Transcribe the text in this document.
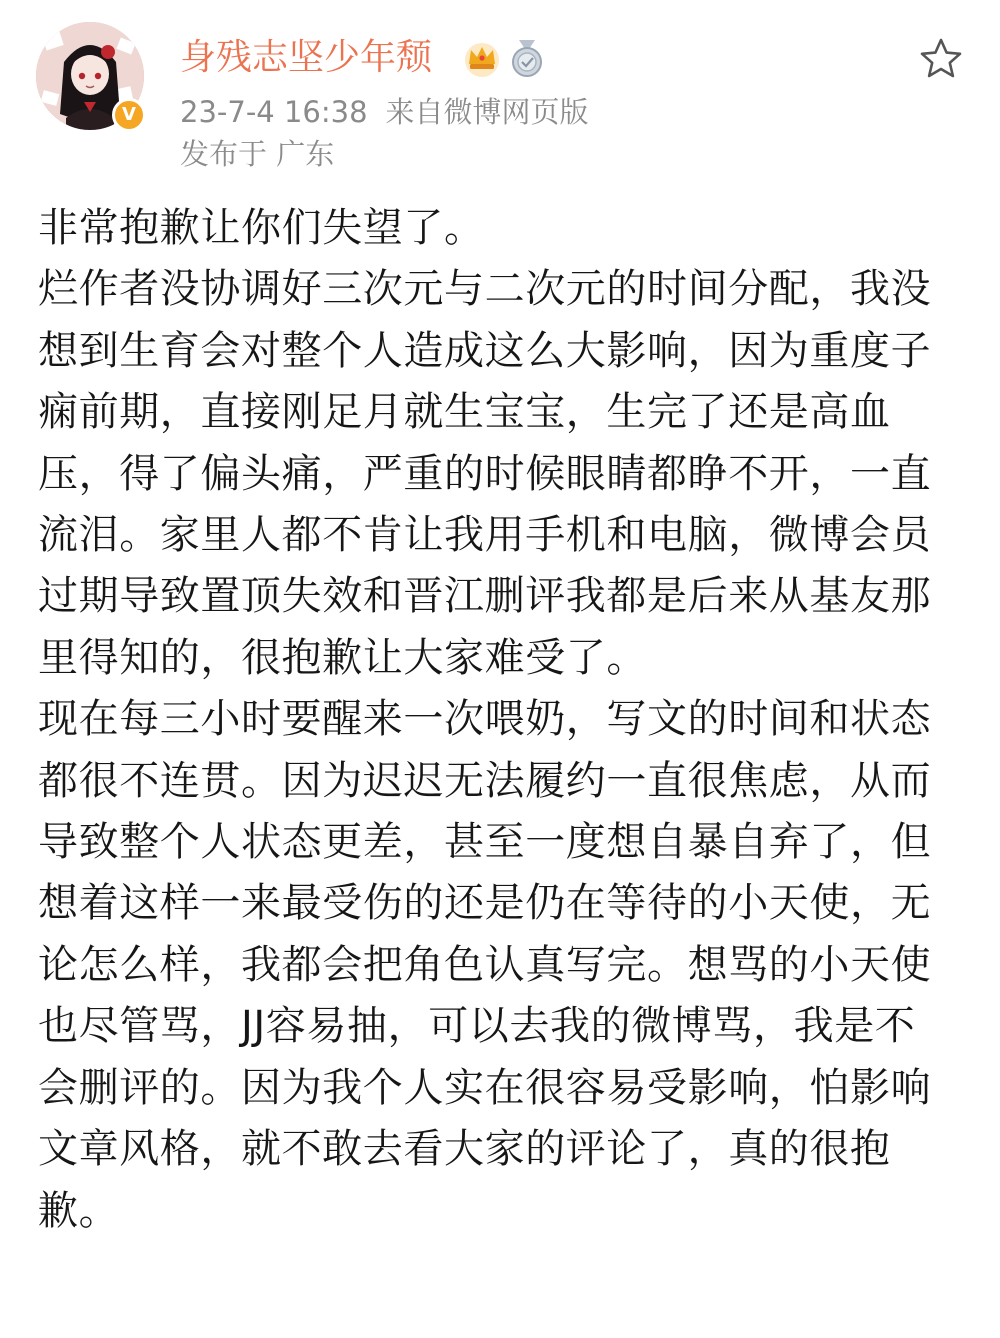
V
身残志坚少年颓
23-7-4 16:38 来自微博网页版
发布于 广东

非常抱歉让你们失望了。

烂作者没协调好三次元与二次元的时间分配，我没想到生育会对整个人造成这么大影响，因为重度子痫前期，直接刚足月就生宝宝，生完了还是高血压，得了偏头痛，严重的时候眼睛都睁不开，一直流泪。家里人都不肯让我用手机和电脑，微博会员过期导致置顶失效和晋江删评我都是后来从基友那里得知的，很抱歉让大家难受了。

现在每三小时要醒来一次喂奶，写文的时间和状态都很不连贯。因为迟迟无法履约一直很焦虑，从而导致整个人状态更差，甚至一度想自暴自弃了，但想着这样一来最受伤的还是仍在等待的小天使，无论怎么样，我都会把角色认真写完。想骂的小天使也尽管骂，JJ容易抽，可以去我的微博骂，我是不会删评的。因为我个人实在很容易受影响，怕影响文章风格，就不敢去看大家的评论了，真的很抱歉。
